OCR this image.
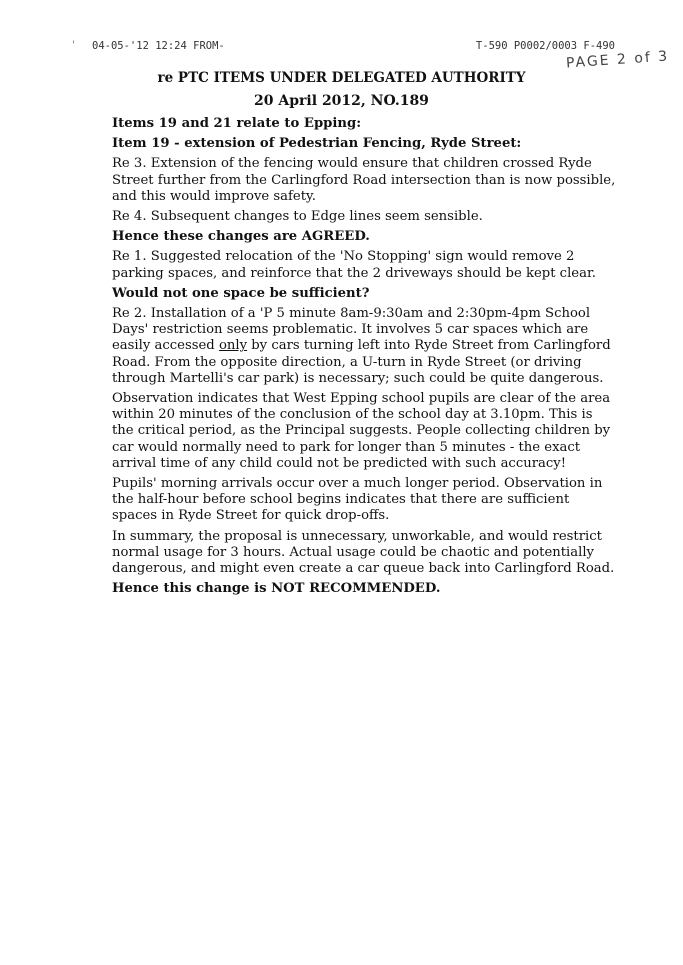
' 04-05-'12 12:24 FROM-	T-590 P0002/0003 F-490
PAGE 2 of 3
re PTC ITEMS UNDER DELEGATED AUTHORITY
20 April 2012, NO.189

Items 19 and 21 relate to Epping:

Item 19 - extension of Pedestrian Fencing, Ryde Street:

Re 3. Extension of the fencing would ensure that children crossed Ryde Street further from the Carlingford Road intersection than is now possible, and this would improve safety.

Re 4. Subsequent changes to Edge lines seem sensible.

Hence these changes are AGREED.

Re 1. Suggested relocation of the 'No Stopping' sign would remove 2 parking spaces, and reinforce that the 2 driveways should be kept clear.

Would not one space be sufficient?

Re 2. Installation of a 'P 5 minute 8am-9:30am and 2:30pm-4pm School Days' restriction seems problematic. It involves 5 car spaces which are easily accessed only by cars turning left into Ryde Street from Carlingford Road. From the opposite direction, a U-turn in Ryde Street (or driving through Martelli's car park) is necessary; such could be quite dangerous.

Observation indicates that West Epping school pupils are clear of the area within 20 minutes of the conclusion of the school day at 3.10pm. This is the critical period, as the Principal suggests. People collecting children by car would normally need to park for longer than 5 minutes - the exact arrival time of any child could not be predicted with such accuracy!

Pupils' morning arrivals occur over a much longer period. Observation in the half-hour before school begins indicates that there are sufficient spaces in Ryde Street for quick drop-offs.

In summary, the proposal is unnecessary, unworkable, and would restrict normal usage for 3 hours. Actual usage could be chaotic and potentially dangerous, and might even create a car queue back into Carlingford Road.

Hence this change is NOT RECOMMENDED.
